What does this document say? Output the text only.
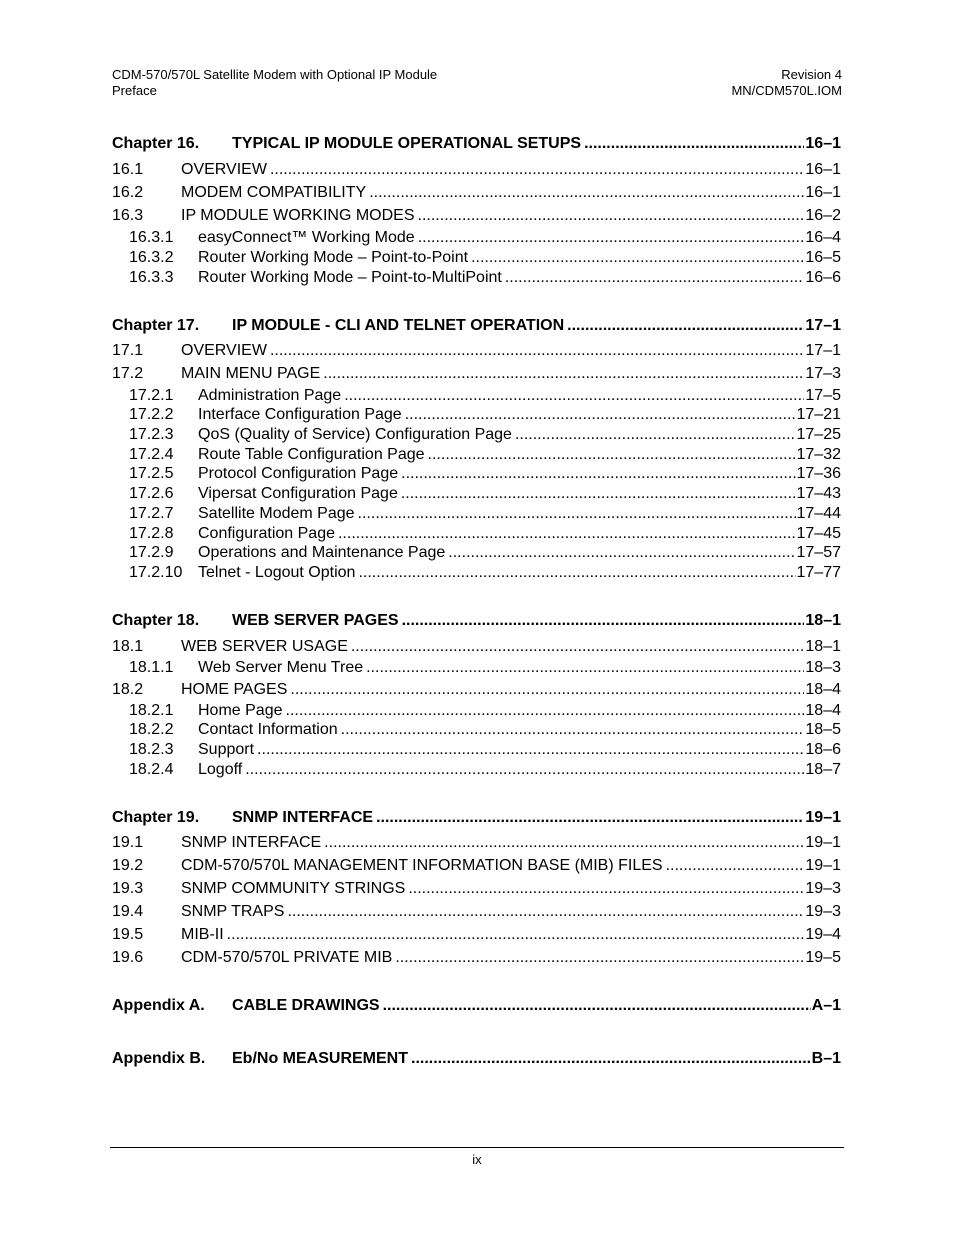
CDM-570/570L Satellite Modem with Optional IP Module
Preface
Revision 4
MN/CDM570L.IOM
Chapter 16.	TYPICAL IP MODULE OPERATIONAL SETUPS .....	16–1
16.1	OVERVIEW .....	16–1
16.2	MODEM COMPATIBILITY .....	16–1
16.3	IP MODULE WORKING MODES .....	16–2
16.3.1	easyConnect™ Working Mode .....	16–4
16.3.2	Router Working Mode – Point-to-Point .....	16–5
16.3.3	Router Working Mode – Point-to-MultiPoint .....	16–6
Chapter 17.	IP MODULE - CLI AND TELNET OPERATION .....	17–1
17.1	OVERVIEW .....	17–1
17.2	MAIN MENU PAGE .....	17–3
17.2.1	Administration Page .....	17–5
17.2.2	Interface Configuration Page .....	17–21
17.2.3	QoS (Quality of Service) Configuration Page .....	17–25
17.2.4	Route Table Configuration Page .....	17–32
17.2.5	Protocol Configuration Page .....	17–36
17.2.6	Vipersat Configuration Page .....	17–43
17.2.7	Satellite Modem Page .....	17–44
17.2.8	Configuration Page .....	17–45
17.2.9	Operations and Maintenance Page .....	17–57
17.2.10 Telnet - Logout Option .....	17–77
Chapter 18.	WEB SERVER PAGES .....	18–1
18.1	WEB SERVER USAGE .....	18–1
18.1.1	Web Server Menu Tree .....	18–3
18.2	HOME PAGES .....	18–4
18.2.1	Home Page .....	18–4
18.2.2	Contact Information .....	18–5
18.2.3	Support .....	18–6
18.2.4	Logoff .....	18–7
Chapter 19.	SNMP INTERFACE .....	19–1
19.1	SNMP INTERFACE .....	19–1
19.2	CDM-570/570L MANAGEMENT INFORMATION BASE (MIB) FILES .....	19–1
19.3	SNMP COMMUNITY STRINGS .....	19–3
19.4	SNMP TRAPS .....	19–3
19.5	MIB-II .....	19–4
19.6	CDM-570/570L PRIVATE MIB .....	19–5
Appendix A.	CABLE DRAWINGS .....	A–1
Appendix B.	Eb/No MEASUREMENT .....	B–1
ix
